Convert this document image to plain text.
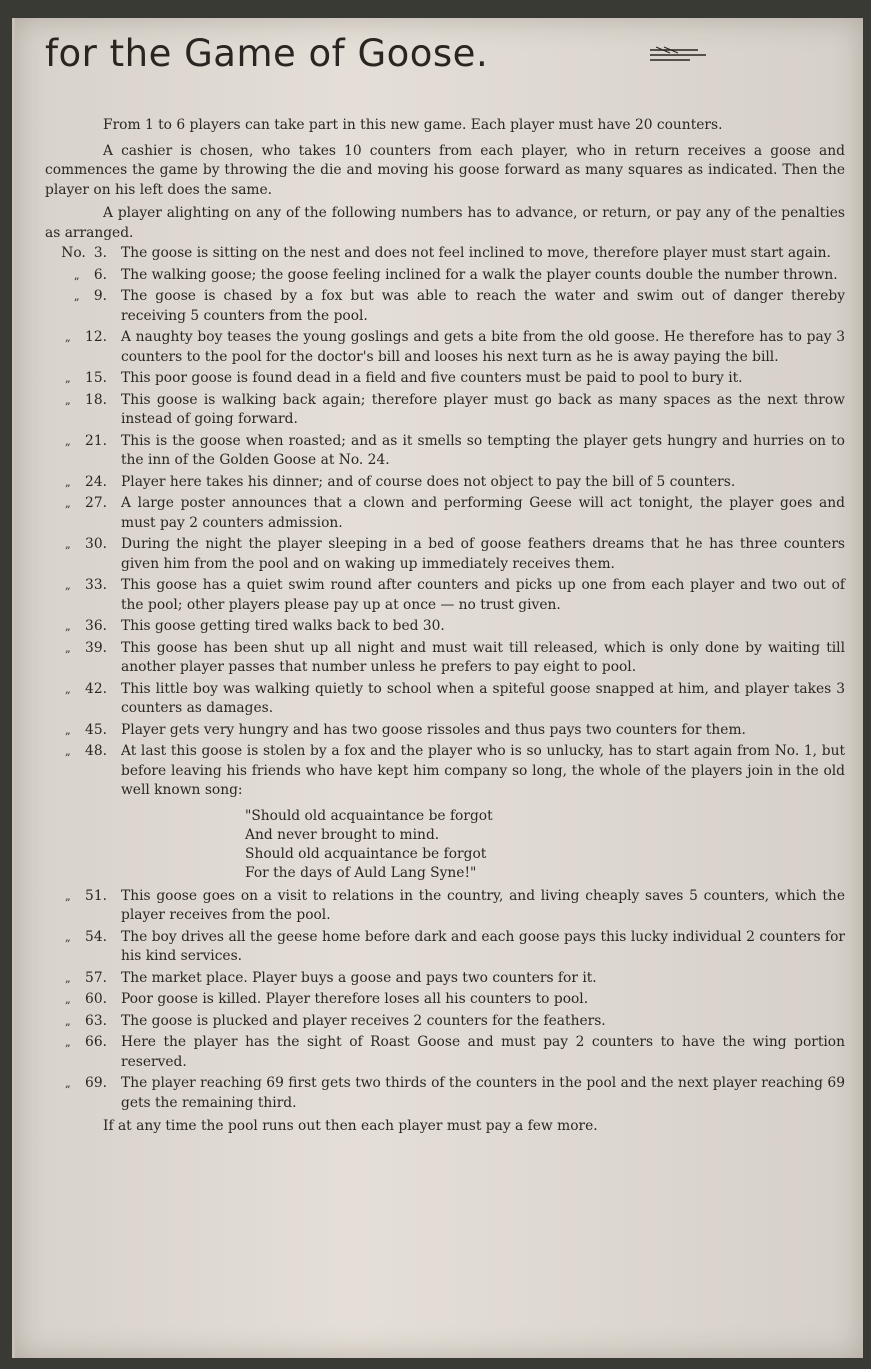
for the Game of Goose.

From 1 to 6 players can take part in this new game. Each player must have 20 counters.

A cashier is chosen, who takes 10 counters from each player, who in return receives a goose and commences the game by throwing the die and moving his goose forward as many squares as indicated. Then the player on his left does the same.

A player alighting on any of the following numbers has to advance, or return, or pay any of the penalties as arranged.

No. 3.	The goose is sitting on the nest and does not feel inclined to move, therefore player must start again.
„ 6.	The walking goose; the goose feeling inclined for a walk the player counts double the number thrown.
„ 9.	The goose is chased by a fox but was able to reach the water and swim out of danger thereby receiving 5 counters from the pool.
„ 12.	A naughty boy teases the young goslings and gets a bite from the old goose. He therefore has to pay 3 counters to the pool for the doctor's bill and looses his next turn as he is away paying the bill.
„ 15.	This poor goose is found dead in a field and five counters must be paid to pool to bury it.
„ 18.	This goose is walking back again; therefore player must go back as many spaces as the next throw instead of going forward.
„ 21.	This is the goose when roasted; and as it smells so tempting the player gets hungry and hurries on to the inn of the Golden Goose at No. 24.
„ 24.	Player here takes his dinner; and of course does not object to pay the bill of 5 counters.
„ 27.	A large poster announces that a clown and performing Geese will act tonight, the player goes and must pay 2 counters admission.
„ 30.	During the night the player sleeping in a bed of goose feathers dreams that he has three counters given him from the pool and on waking up immediately receives them.
„ 33.	This goose has a quiet swim round after counters and picks up one from each player and two out of the pool; other players please pay up at once — no trust given.
„ 36.	This goose getting tired walks back to bed 30.
„ 39.	This goose has been shut up all night and must wait till released, which is only done by waiting till another player passes that number unless he prefers to pay eight to pool.
„ 42.	This little boy was walking quietly to school when a spiteful goose snapped at him, and player takes 3 counters as damages.
„ 45.	Player gets very hungry and has two goose rissoles and thus pays two counters for them.
„ 48.	At last this goose is stolen by a fox and the player who is so unlucky, has to start again from No. 1, but before leaving his friends who have kept him company so long, the whole of the players join in the old well known song:
"Should old acquaintance be forgot
And never brought to mind.
Should old acquaintance be forgot
For the days of Auld Lang Syne!"
„ 51.	This goose goes on a visit to relations in the country, and living cheaply saves 5 counters, which the player receives from the pool.
„ 54.	The boy drives all the geese home before dark and each goose pays this lucky individual 2 counters for his kind services.
„ 57.	The market place. Player buys a goose and pays two counters for it.
„ 60.	Poor goose is killed. Player therefore loses all his counters to pool.
„ 63.	The goose is plucked and player receives 2 counters for the feathers.
„ 66.	Here the player has the sight of Roast Goose and must pay 2 counters to have the wing portion reserved.
„ 69.	The player reaching 69 first gets two thirds of the counters in the pool and the next player reaching 69 gets the remaining third.

If at any time the pool runs out then each player must pay a few more.
